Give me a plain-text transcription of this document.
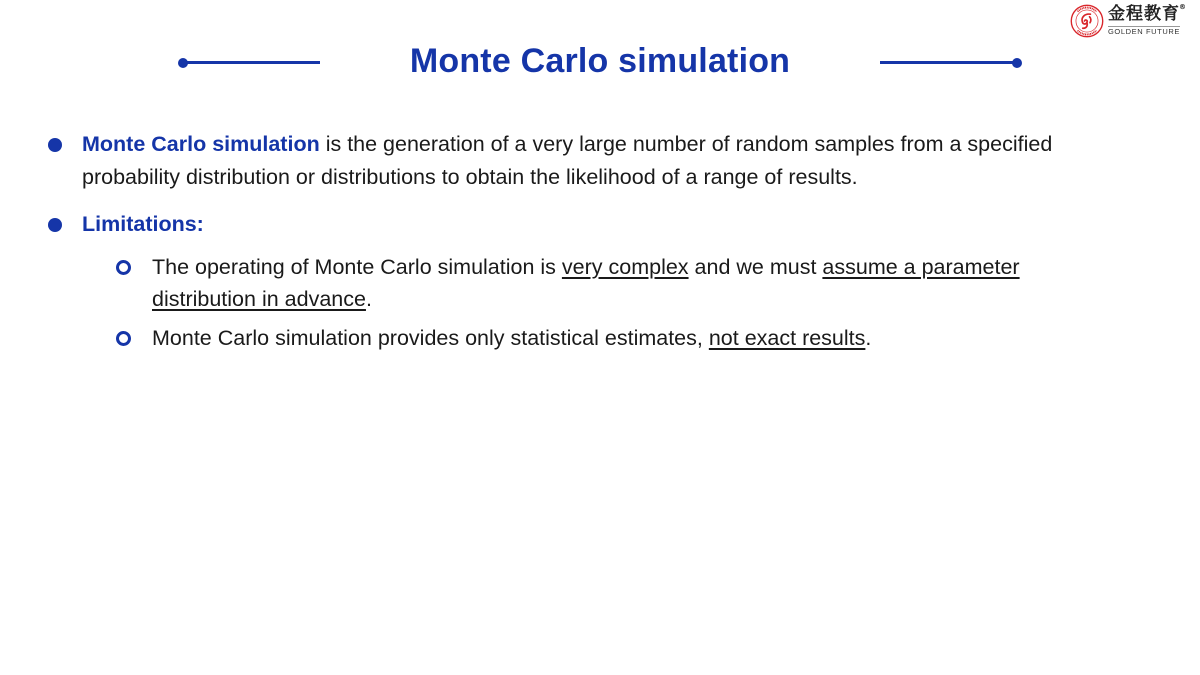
金程教育 ®
GOLDEN FUTURE
Monte Carlo simulation
Monte Carlo simulation is the generation of a very large number of random samples from a specified probability distribution or distributions to obtain the likelihood of a range of results.
Limitations:
The operating of Monte Carlo simulation is very complex and we must assume a parameter distribution in advance.
Monte Carlo simulation provides only statistical estimates, not exact results.
